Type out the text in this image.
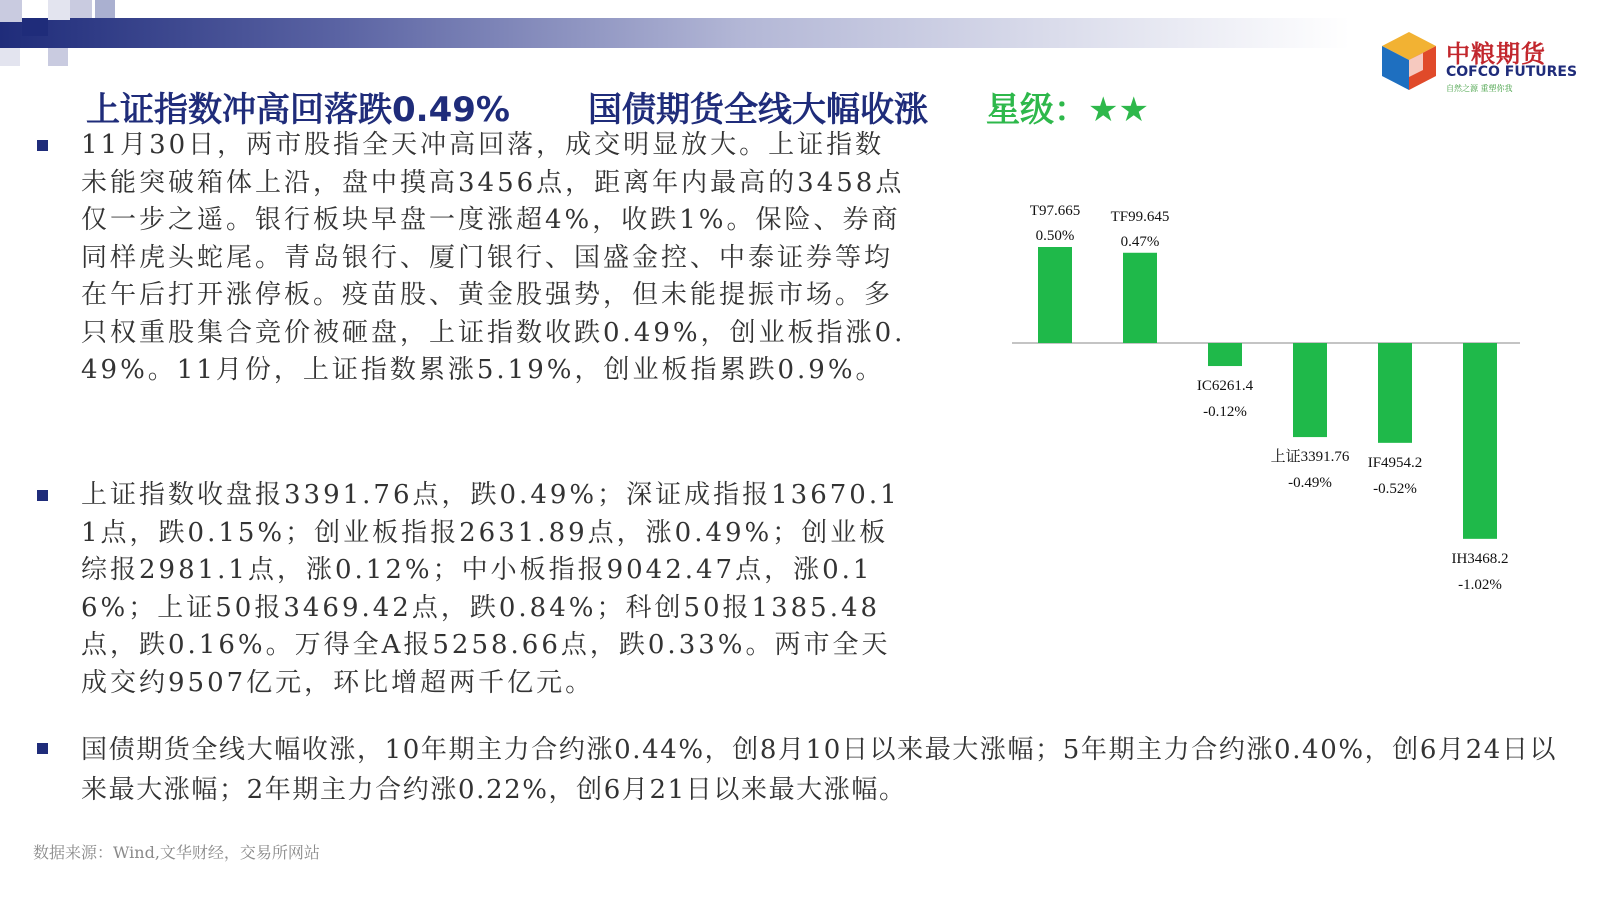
中粮期货
COFCO FUTURES
自然之源 重塑你我
上证指数冲高回落跌0.49% 国债期货全线大幅收涨 星级：★★
11月30日，两市股指全天冲高回落，成交明显放大。上证指数未能突破箱体上沿，盘中摸高3456点，距离年内最高的3458点仅一步之遥。银行板块早盘一度涨超4%，收跌1%。保险、券商同样虎头蛇尾。青岛银行、厦门银行、国盛金控、中泰证券等均在午后打开涨停板。疫苗股、黄金股强势，但未能提振市场。多只权重股集合竞价被砸盘，上证指数收跌0.49%，创业板指涨0.49%。11月份，上证指数累涨5.19%，创业板指累跌0.9%。
上证指数收盘报3391.76点，跌0.49%；深证成指报13670.11点，跌0.15%；创业板指报2631.89点，涨0.49%；创业板综报2981.1点，涨0.12%；中小板指报9042.47点，涨0.16%；上证50报3469.42点，跌0.84%；科创50报1385.48点，跌0.16%。万得全A报5258.66点，跌0.33%。两市全天成交约9507亿元，环比增超两千亿元。
国债期货全线大幅收涨，10年期主力合约涨0.44%，创8月10日以来最大涨幅；5年期主力合约涨0.40%，创6月24日以来最大涨幅；2年期主力合约涨0.22%，创6月21日以来最大涨幅。
数据来源：Wind,文华财经，交易所网站
T97.665
0.50%
TF99.645
0.47%
IC6261.4
-0.12%
上证3391.76
-0.49%
IF4954.2
-0.52%
IH3468.2
-1.02%
